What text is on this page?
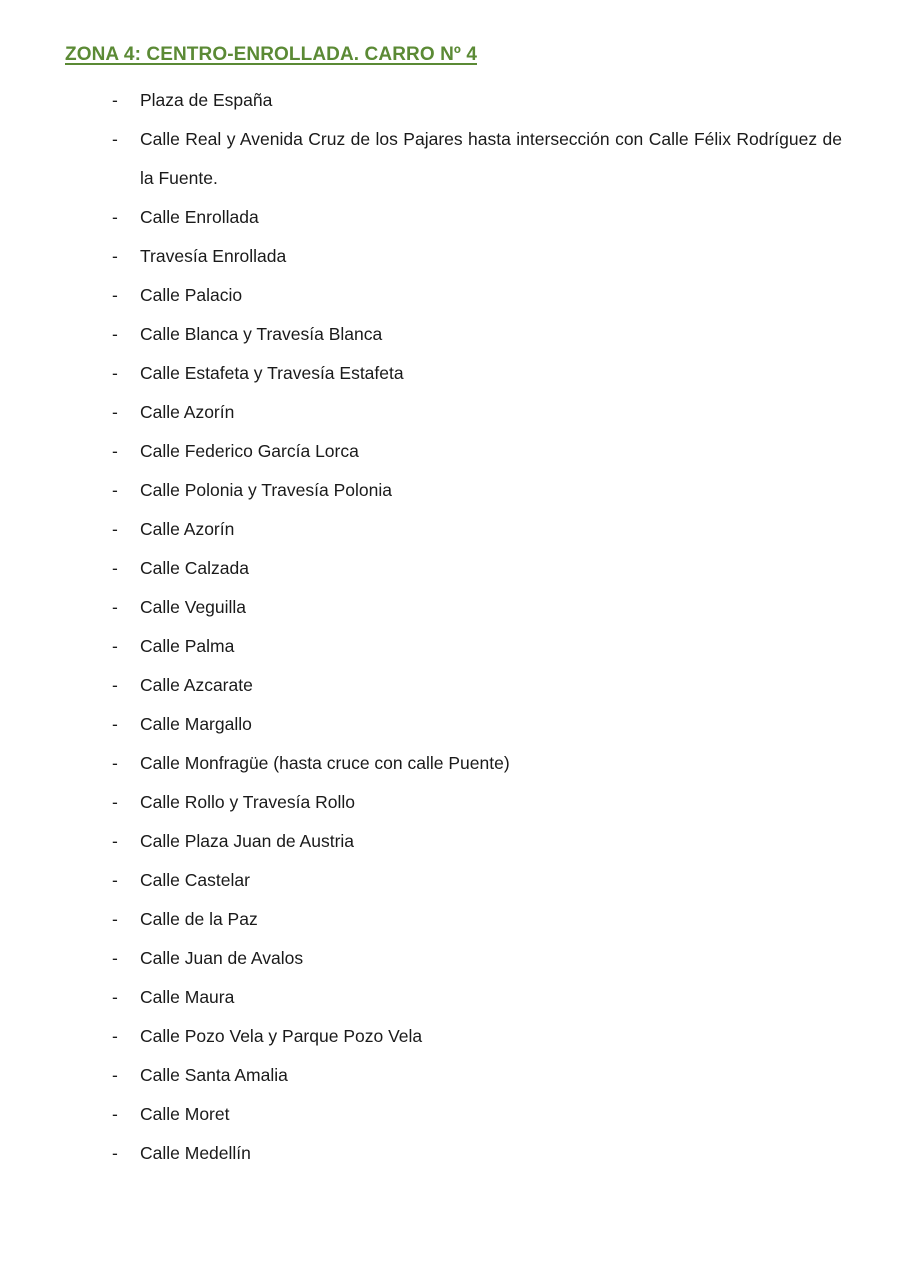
ZONA 4: CENTRO-ENROLLADA. CARRO Nº 4
- Plaza de España
- Calle Real y Avenida Cruz de los Pajares hasta intersección con Calle Félix Rodríguez de la Fuente.
- Calle Enrollada
- Travesía Enrollada
- Calle Palacio
- Calle Blanca y Travesía Blanca
- Calle Estafeta y Travesía Estafeta
- Calle Azorín
- Calle Federico García Lorca
- Calle Polonia y Travesía Polonia
- Calle Azorín
- Calle Calzada
- Calle Veguilla
- Calle Palma
- Calle Azcarate
- Calle Margallo
- Calle Monfragüe (hasta cruce con calle Puente)
- Calle Rollo y Travesía Rollo
- Calle Plaza Juan de Austria
- Calle Castelar
- Calle de la Paz
- Calle Juan de Avalos
- Calle Maura
- Calle Pozo Vela y Parque Pozo Vela
- Calle Santa Amalia
- Calle Moret
- Calle Medellín
